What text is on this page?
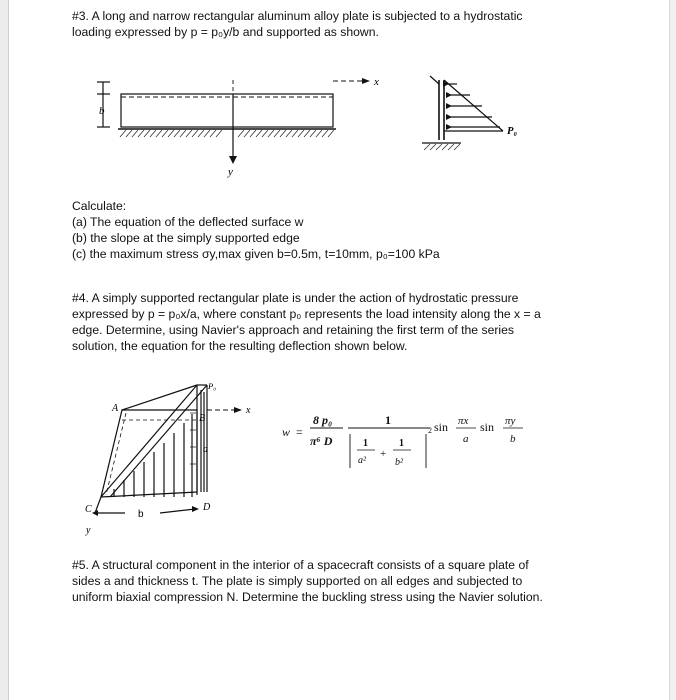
#3. A long and narrow rectangular aluminum alloy plate is subjected to a hydrostatic
loading expressed by p = p₀y/b and supported as shown.
b
x
y
P₀
Calculate:
(a) The equation of the deflected surface w
(b) the slope at the simply supported edge
(c) the maximum stress σy,max given b=0.5m, t=10mm, p₀=100 kPa
#4. A simply supported rectangular plate is under the action of hydrostatic pressure
expressed by p = p₀x/a, where constant p₀ represents the load intensity along the x = a
edge. Determine, using Navier's approach and retaining the first term of the series
solution, the equation for the resulting deflection shown below.
A
B
C	D
a
b
x
y
P₀
w =
8 p₀
π⁶ D
1
1
a²
+
1
b²
2 sin πx
a
sin πy
b
#5. A structural component in the interior of a spacecraft consists of a square plate of
sides a and thickness t. The plate is simply supported on all edges and subjected to
uniform biaxial compression N. Determine the buckling stress using the Navier solution.
